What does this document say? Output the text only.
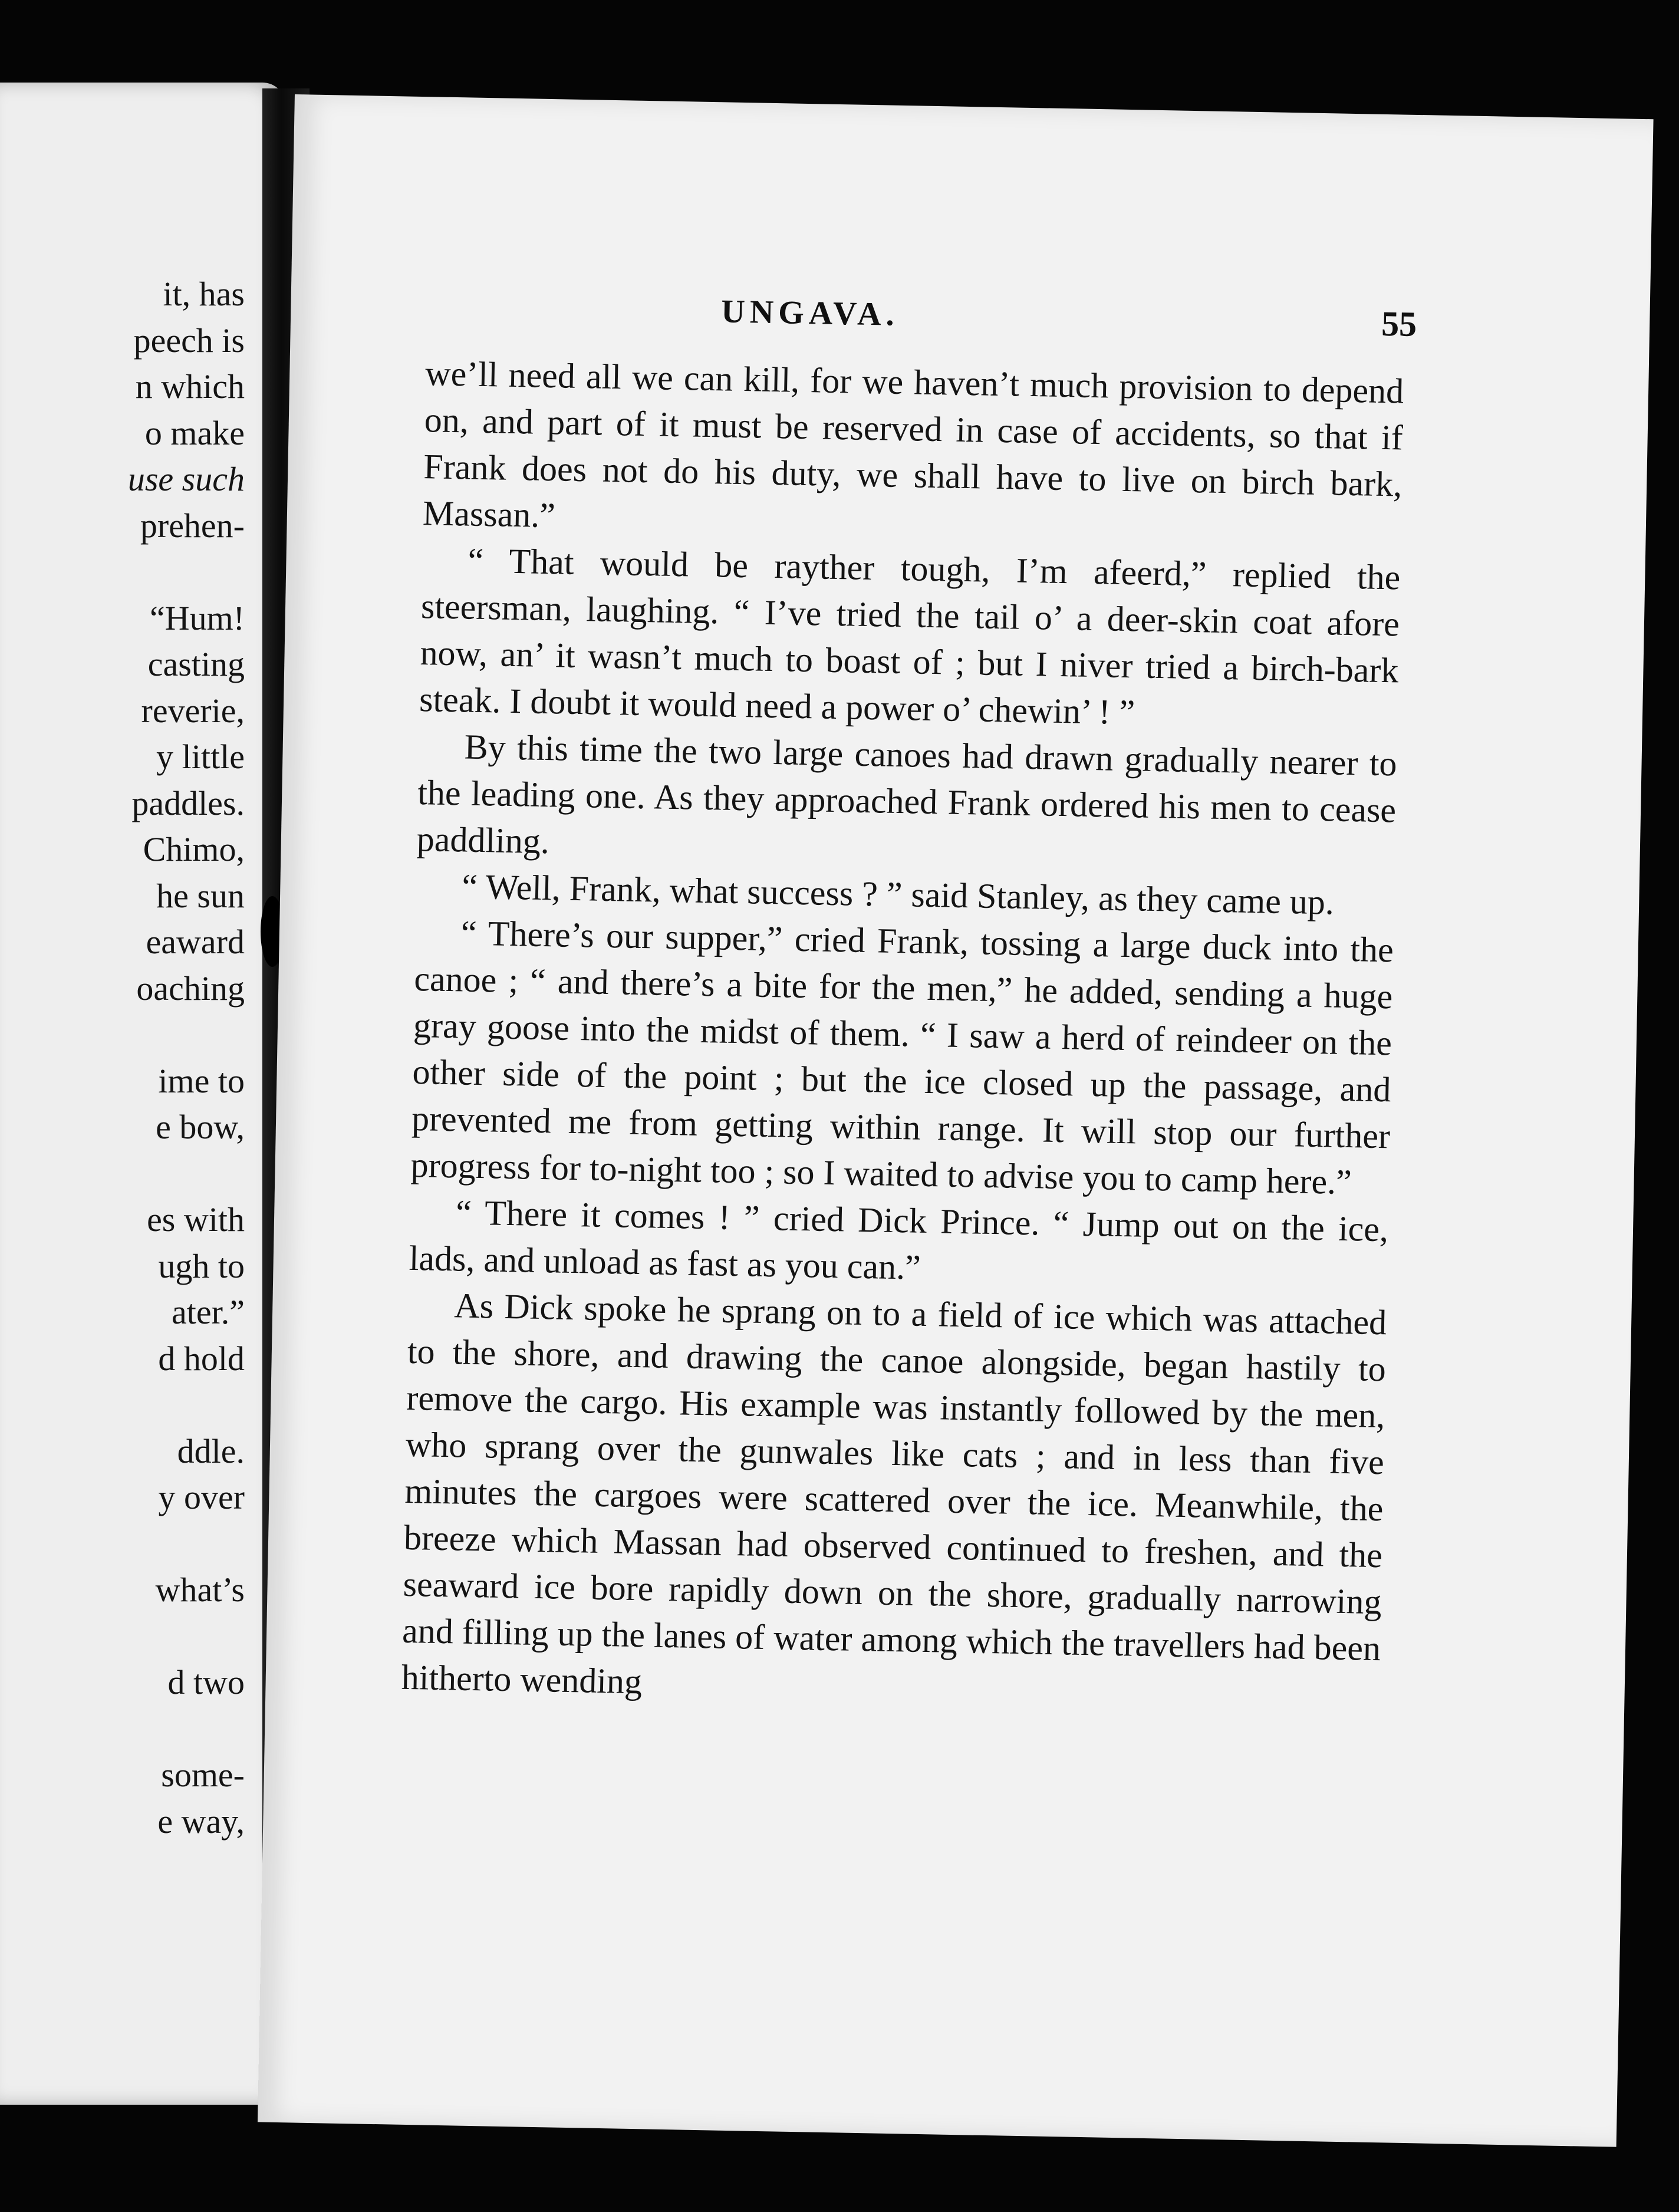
it, has
peech is
n which
o make
use such
prehen-
“Hum!
casting
reverie,
y little
paddles.
Chimo,
he sun
eaward
oaching
ime to
e bow,
es with
ugh to
ater.”
d hold
ddle.
y over
what’s
d two
some-
e way,
UNGAVA.	55

we’ll need all we can kill, for we haven’t much provision to depend on, and part of it must be reserved in case of accidents, so that if Frank does not do his duty, we shall have to live on birch bark, Massan.”

“ That would be rayther tough, I’m afeerd,” replied the steersman, laughing. “ I’ve tried the tail o’ a deer-skin coat afore now, an’ it wasn’t much to boast of ; but I niver tried a birch-bark steak. I doubt it would need a power o’ chewin’ ! ”

By this time the two large canoes had drawn gradually nearer to the leading one. As they approached Frank ordered his men to cease paddling.

“ Well, Frank, what success ? ” said Stanley, as they came up.

“ There’s our supper,” cried Frank, tossing a large duck into the canoe ; “ and there’s a bite for the men,” he added, sending a huge gray goose into the midst of them. “ I saw a herd of reindeer on the other side of the point ; but the ice closed up the passage, and prevented me from getting within range. It will stop our further progress for to-night too ; so I waited to advise you to camp here.”

“ There it comes ! ” cried Dick Prince. “ Jump out on the ice, lads, and unload as fast as you can.”

As Dick spoke he sprang on to a field of ice which was attached to the shore, and drawing the canoe alongside, began hastily to remove the cargo. His example was instantly followed by the men, who sprang over the gunwales like cats ; and in less than five minutes the cargoes were scattered over the ice. Meanwhile, the breeze which Massan had observed continued to freshen, and the seaward ice bore rapidly down on the shore, gradually narrowing and filling up the lanes of water among which the travellers had been hitherto wending
